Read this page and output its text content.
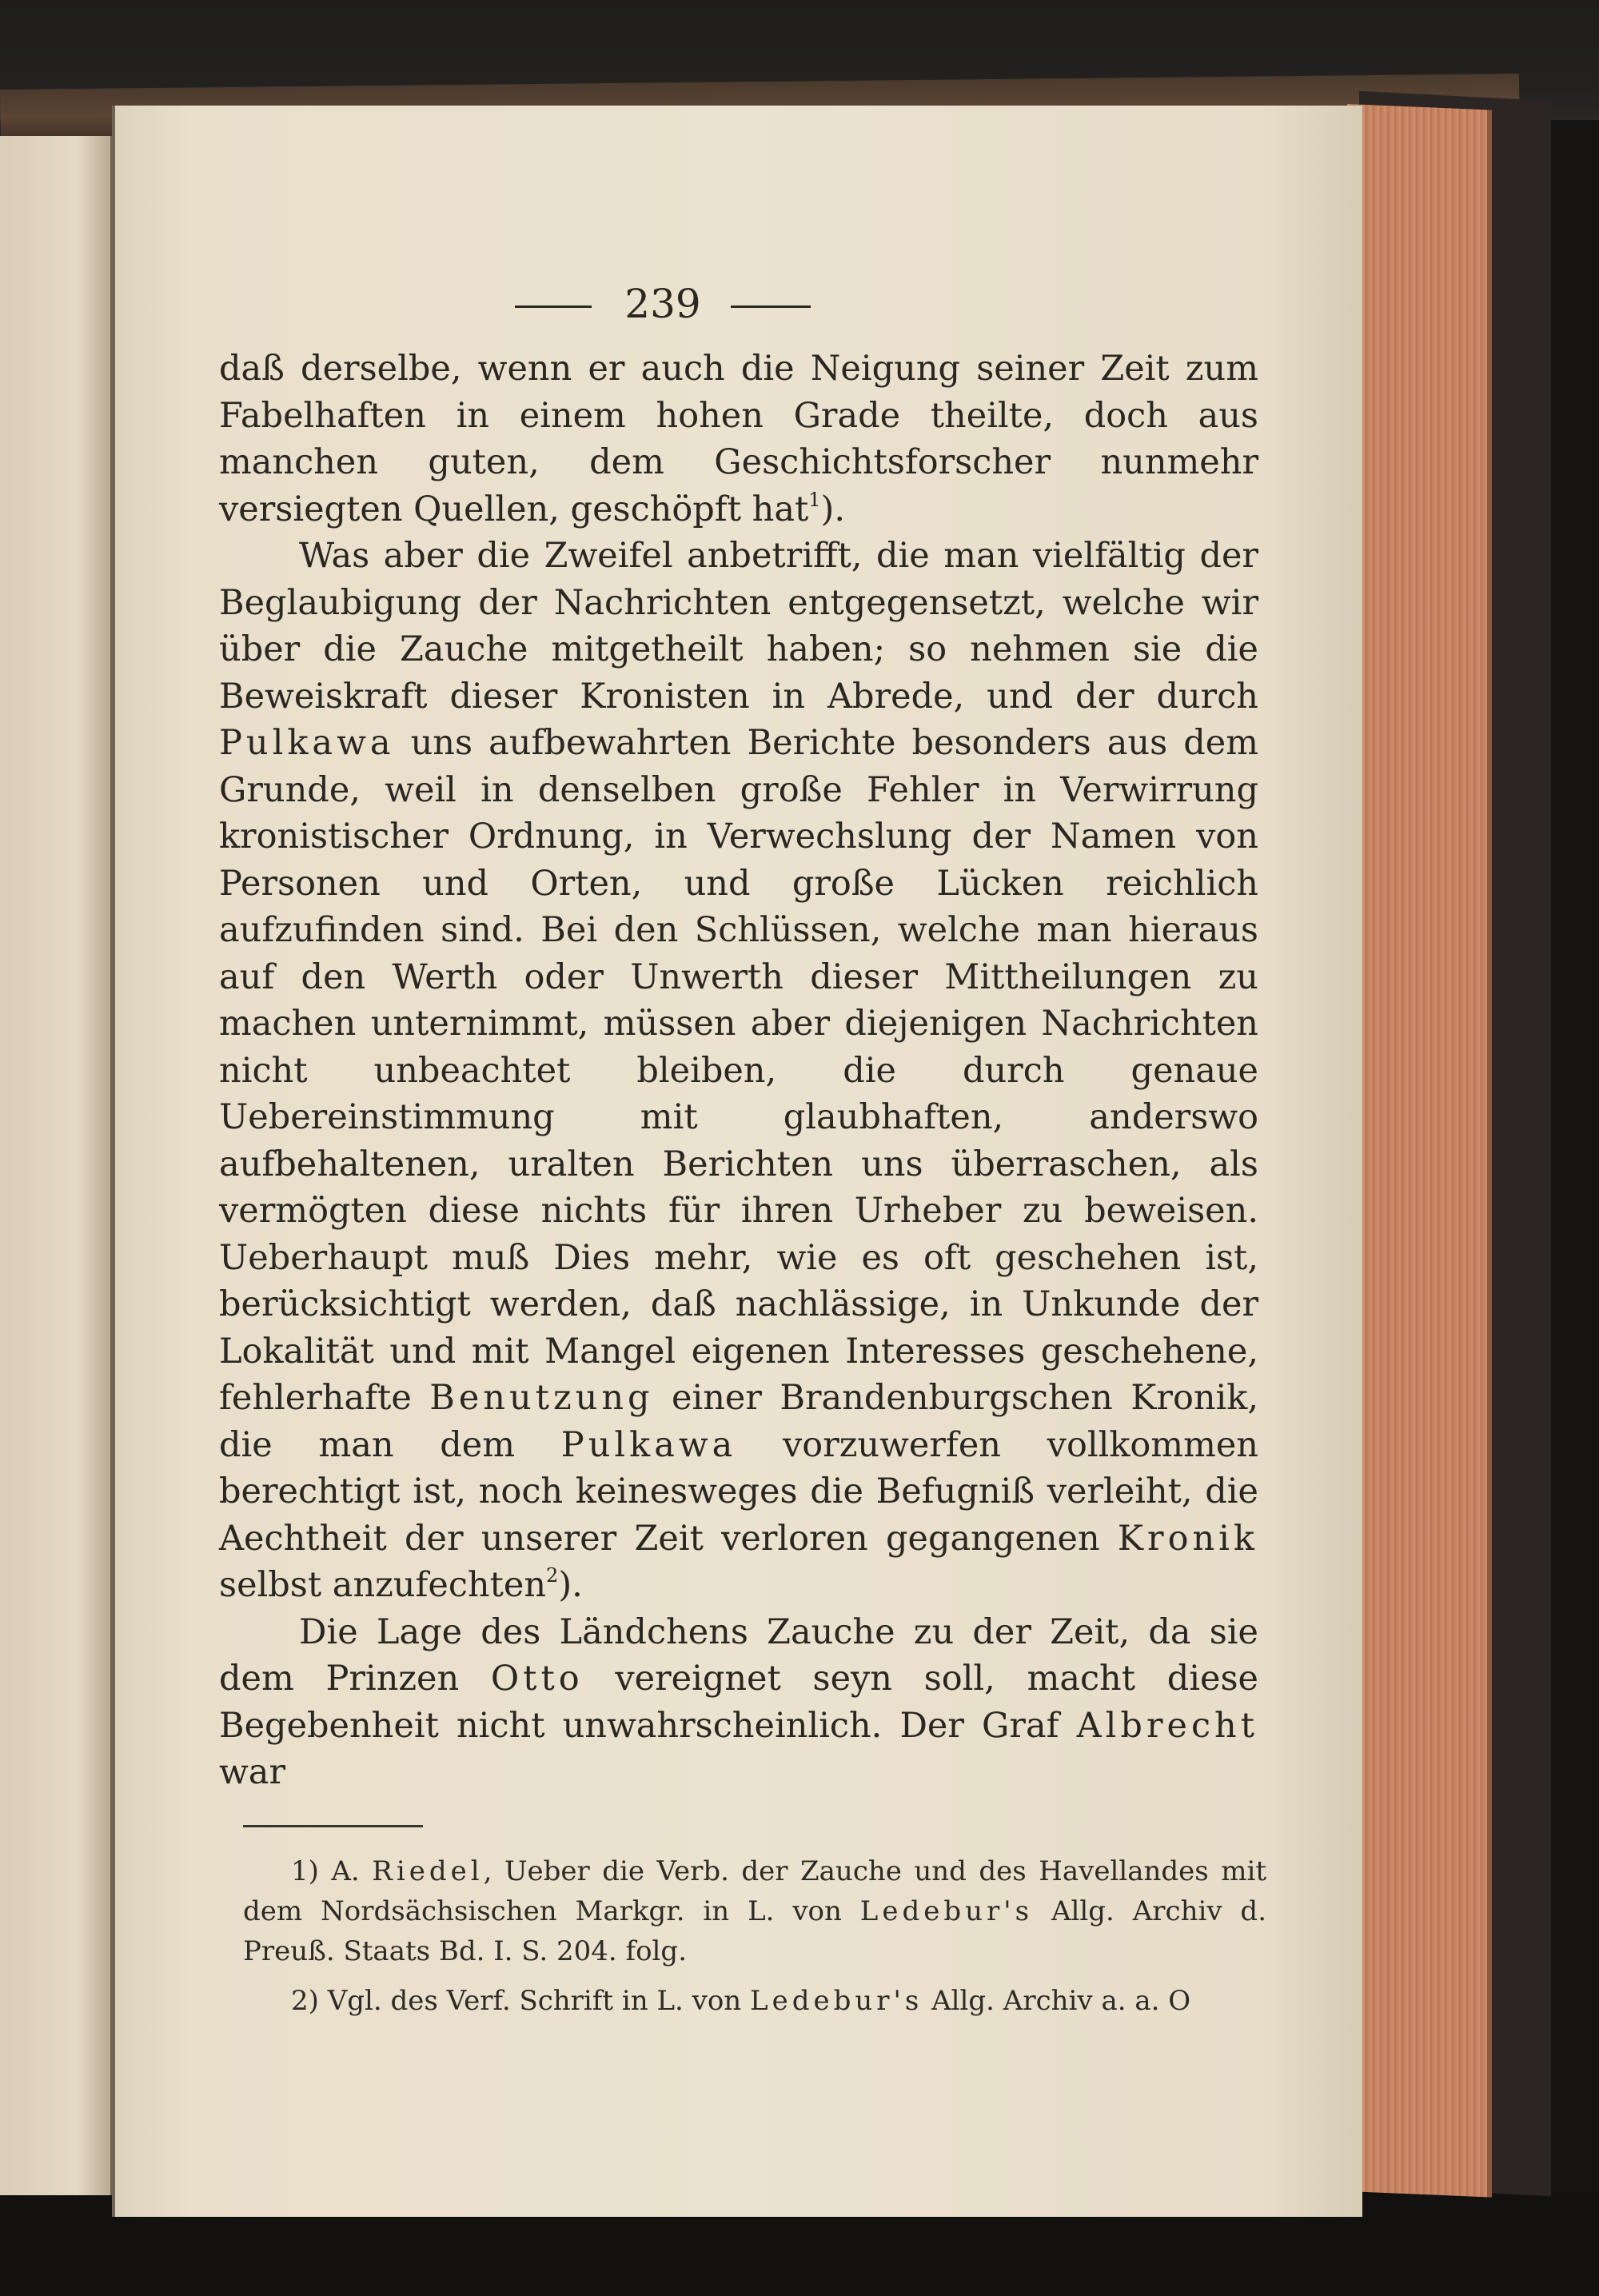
239

daß derselbe, wenn er auch die Neigung seiner Zeit zum Fabelhaften in einem hohen Grade theilte, doch aus manchen guten, dem Geschichtsforscher nunmehr versiegten Quellen, geschöpft hat$^1$).

Was aber die Zweifel anbetrifft, die man vielfältig der Beglaubigung der Nachrichten entgegensetzt, welche wir über die Zauche mitgetheilt haben; so nehmen sie die Beweiskraft dieser Kronisten in Abrede, und der durch Pulkawa uns aufbewahrten Berichte besonders aus dem Grunde, weil in denselben große Fehler in Verwirrung kronistischer Ordnung, in Verwechslung der Namen von Personen und Orten, und große Lücken reichlich aufzufinden sind. Bei den Schlüssen, welche man hieraus auf den Werth oder Unwerth dieser Mittheilungen zu machen unternimmt, müssen aber diejenigen Nachrichten nicht unbeachtet bleiben, die durch genaue Uebereinstimmung mit glaubhaften, anderswo aufbehaltenen, uralten Berichten uns überraschen, als vermögten diese nichts für ihren Urheber zu beweisen. Ueberhaupt muß Dies mehr, wie es oft geschehen ist, berücksichtigt werden, daß nachlässige, in Unkunde der Lokalität und mit Mangel eigenen Interesses geschehene, fehlerhafte Benutzung einer Brandenburgschen Kronik, die man dem Pulkawa vorzuwerfen vollkommen berechtigt ist, noch keinesweges die Befugniß verleiht, die Aechtheit der unserer Zeit verloren gegangenen Kronik selbst anzufechten$^2$).

Die Lage des Ländchens Zauche zu der Zeit, da sie dem Prinzen Otto vereignet seyn soll, macht diese Begebenheit nicht unwahrscheinlich. Der Graf Albrecht war

1) A. Riedel, Ueber die Verb. der Zauche und des Havellandes mit dem Nordsächsischen Markgr. in L. von Ledebur's Allg. Archiv d. Preuß. Staats Bd. I. S. 204. folg.

2) Vgl. des Verf. Schrift in L. von Ledebur's Allg. Archiv a. a. O
